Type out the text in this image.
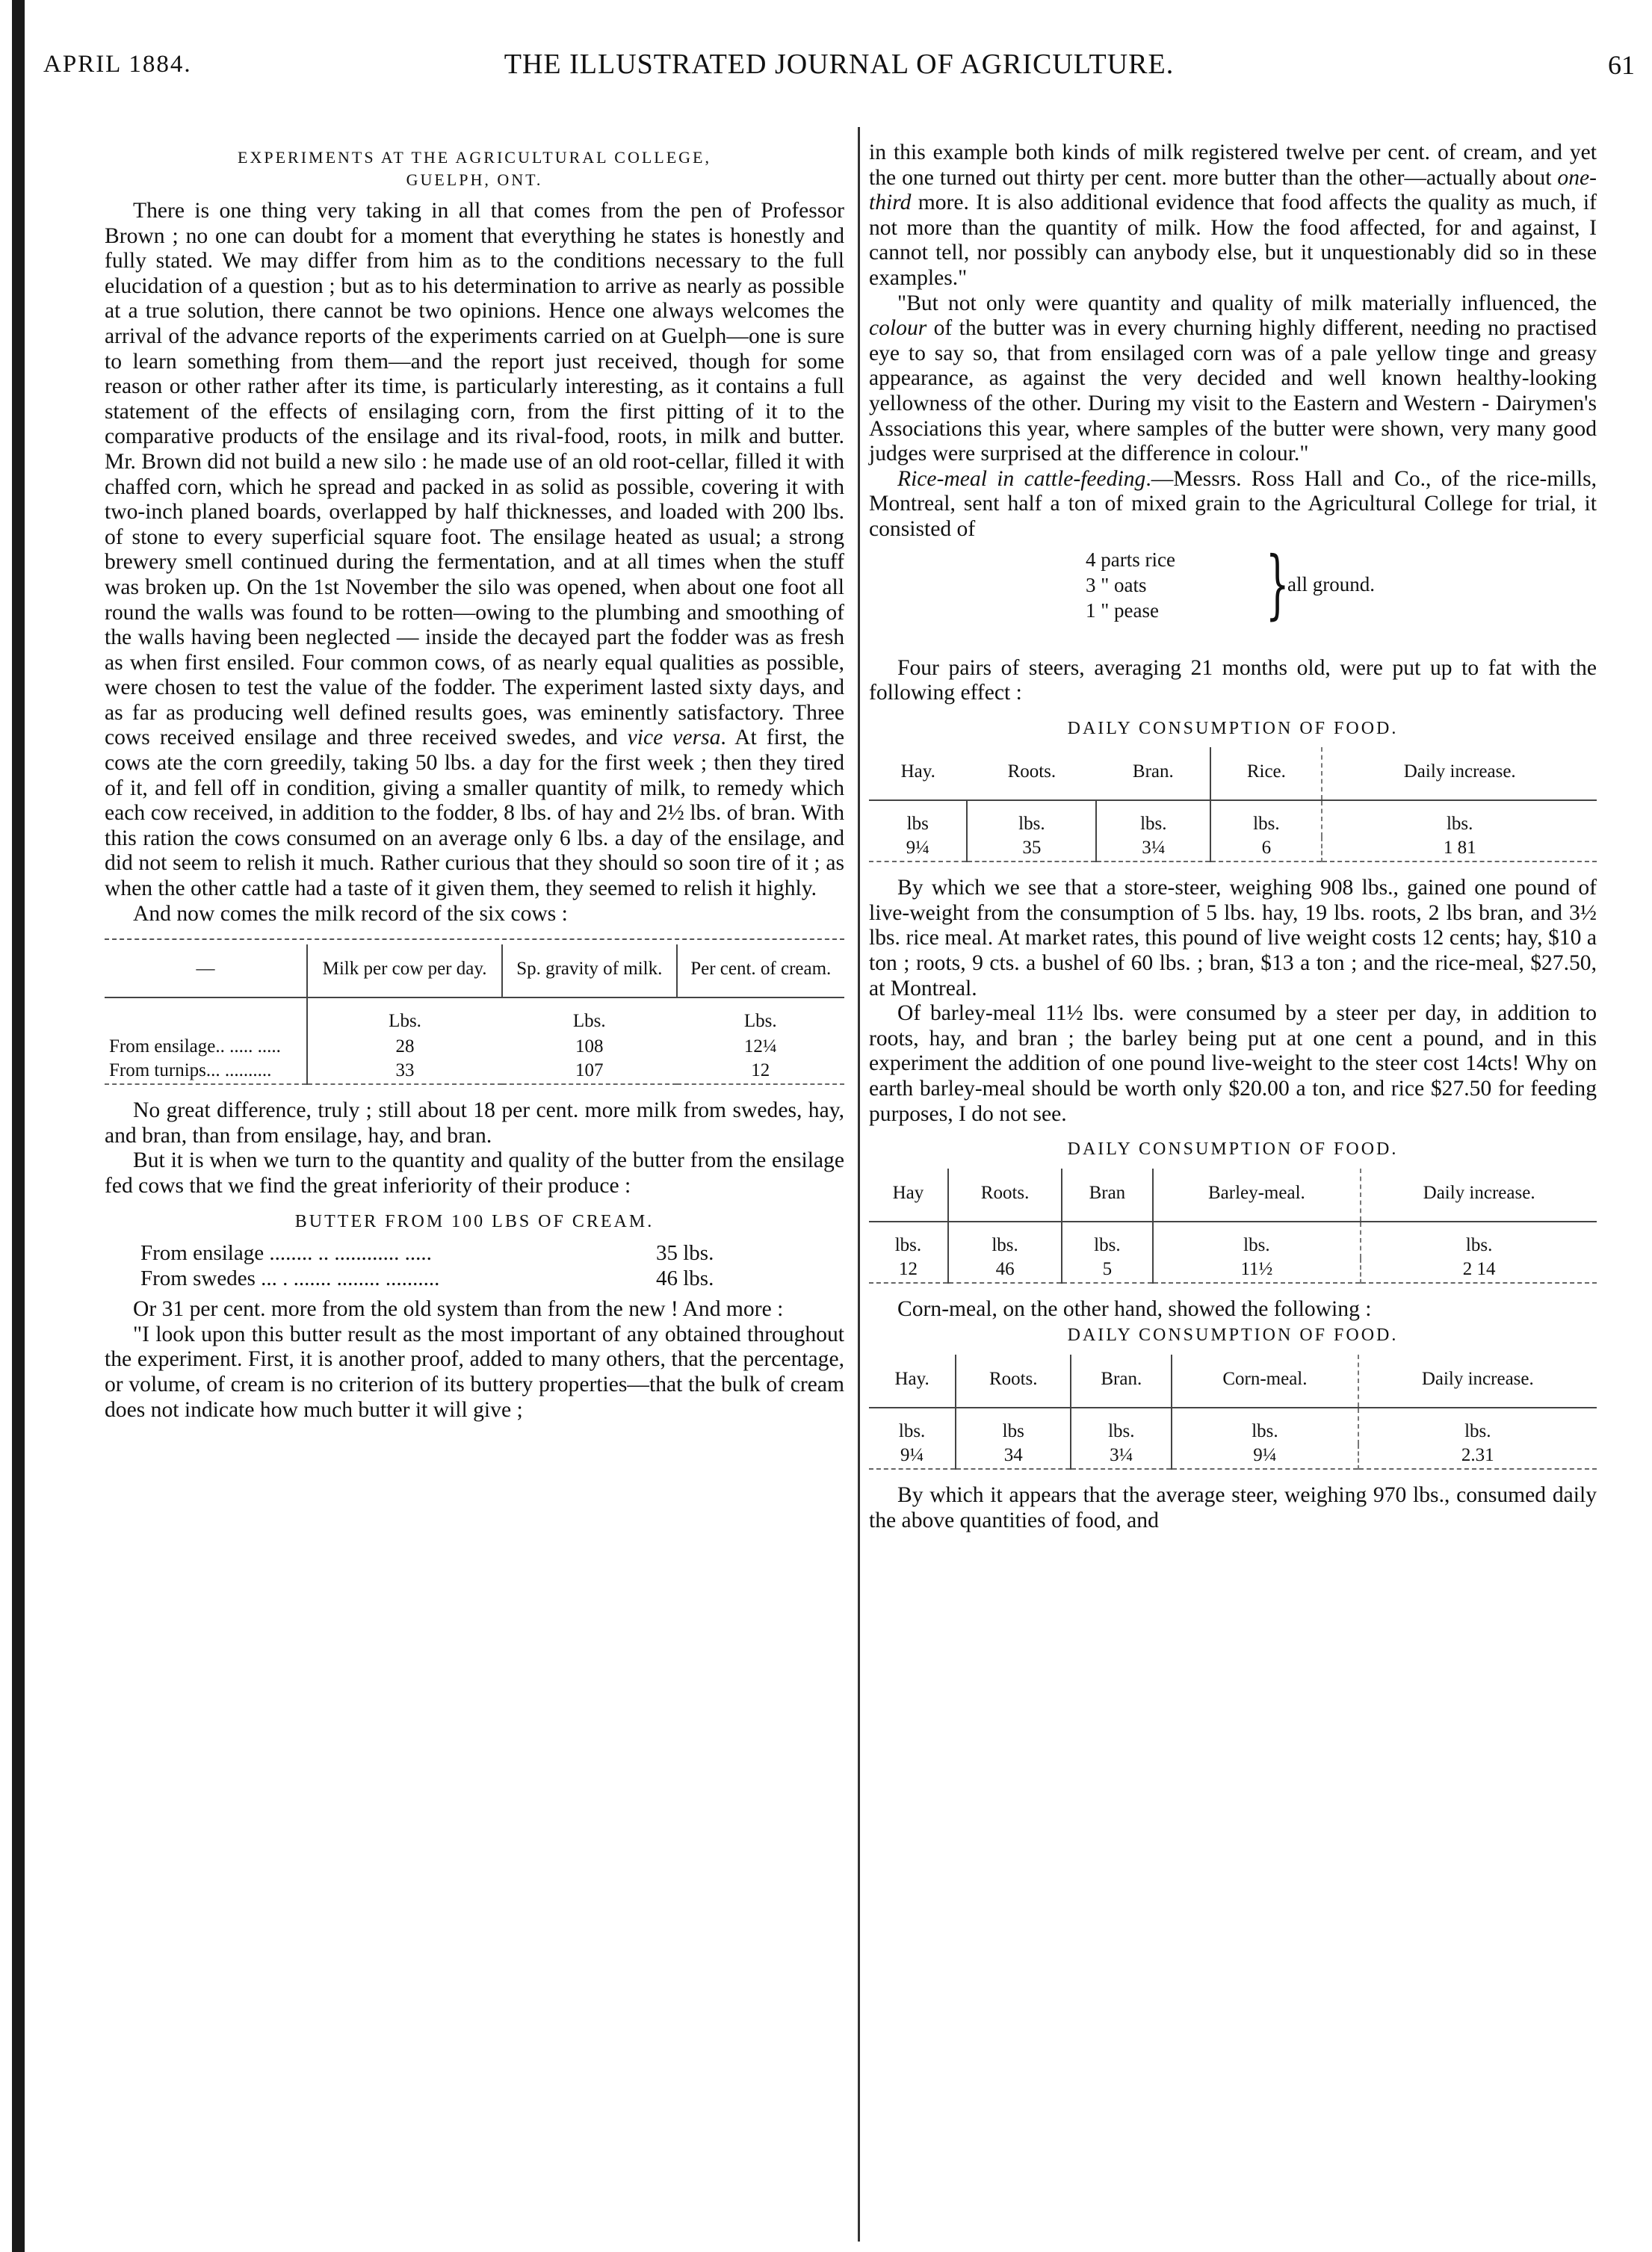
APRIL 1884.	THE ILLUSTRATED JOURNAL OF AGRICULTURE.	61
EXPERIMENTS AT THE AGRICULTURAL COLLEGE,
GUELPH, ONT.

There is one thing very taking in all that comes from the pen of Professor Brown ; no one can doubt for a moment that everything he states is honestly and fully stated. We may differ from him as to the conditions necessary to the full elucidation of a question ; but as to his determination to arrive as nearly as possible at a true solution, there cannot be two opinions. Hence one always welcomes the arrival of the advance reports of the experiments carried on at Guelph—one is sure to learn something from them—and the report just received, though for some reason or other rather after its time, is particularly interesting, as it contains a full statement of the effects of ensilaging corn, from the first pitting of it to the comparative products of the ensilage and its rival-food, roots, in milk and butter. Mr. Brown did not build a new silo : he made use of an old root-cellar, filled it with chaffed corn, which he spread and packed in as solid as possible, covering it with two-inch planed boards, overlapped by half thicknesses, and loaded with 200 lbs. of stone to every superficial square foot. The ensilage heated as usual; a strong brewery smell continued during the fermentation, and at all times when the stuff was broken up. On the 1st November the silo was opened, when about one foot all round the walls was found to be rotten—owing to the plumbing and smoothing of the walls having been neglected — inside the decayed part the fodder was as fresh as when first ensiled. Four common cows, of as nearly equal qualities as possible, were chosen to test the value of the fodder. The experiment lasted sixty days, and as far as producing well defined results goes, was eminently satisfactory. Three cows received ensilage and three received swedes, and vice versa. At first, the cows ate the corn greedily, taking 50 lbs. a day for the first week ; then they tired of it, and fell off in condition, giving a smaller quantity of milk, to remedy which each cow received, in addition to the fodder, 8 lbs. of hay and 2½ lbs. of bran. With this ration the cows consumed on an average only 6 lbs. a day of the ensilage, and did not seem to relish it much. Rather curious that they should so soon tire of it ; as when the other cattle had a taste of it given them, they seemed to relish it highly.

And now comes the milk record of the six cows :

—	Milk per cow per day.	Sp. gravity of milk.	Per cent. of cream.
	Lbs.	Lbs.	Lbs.
From ensilage.. ..... .....	28	108	12¼
From turnips... ..........	33	107	12

No great difference, truly ; still about 18 per cent. more milk from swedes, hay, and bran, than from ensilage, hay, and bran.

But it is when we turn to the quantity and quality of the butter from the ensilage fed cows that we find the great inferiority of their produce :

BUTTER FROM 100 LBS OF CREAM.
From ensilage ........ .. ............ .....	35 lbs.
From swedes ... . ....... ........ ..........	46 lbs.

Or 31 per cent. more from the old system than from the new ! And more :

"I look upon this butter result as the most important of any obtained throughout the experiment. First, it is another proof, added to many others, that the percentage, or volume, of cream is no criterion of its buttery properties—that the bulk of cream does not indicate how much butter it will give ;

in this example both kinds of milk registered twelve per cent. of cream, and yet the one turned out thirty per cent. more butter than the other—actually about one-third more. It is also additional evidence that food affects the quality as much, if not more than the quantity of milk. How the food affected, for and against, I cannot tell, nor possibly can anybody else, but it unquestionably did so in these examples."

"But not only were quantity and quality of milk materially influenced, the colour of the butter was in every churning highly different, needing no practised eye to say so, that from ensilaged corn was of a pale yellow tinge and greasy appearance, as against the very decided and well known healthy-looking yellowness of the other. During my visit to the Eastern and Western - Dairymen's Associations this year, where samples of the butter were shown, very many good judges were surprised at the difference in colour."

Rice-meal in cattle-feeding.—Messrs. Ross Hall and Co., of the rice-mills, Montreal, sent half a ton of mixed grain to the Agricultural College for trial, it consisted of

4 parts rice
3 " oats
1 " pease }
all ground.

Four pairs of steers, averaging 21 months old, were put up to fat with the following effect :

DAILY CONSUMPTION OF FOOD.
Hay.	Roots.	Bran.	Rice.	Daily increase.
lbs	lbs.	lbs.	lbs.	lbs.
9¼	35	3¼	6	1 81

By which we see that a store-steer, weighing 908 lbs., gained one pound of live-weight from the consumption of 5 lbs. hay, 19 lbs. roots, 2 lbs bran, and 3½ lbs. rice meal. At market rates, this pound of live weight costs 12 cents; hay, $10 a ton ; roots, 9 cts. a bushel of 60 lbs. ; bran, $13 a ton ; and the rice-meal, $27.50, at Montreal.

Of barley-meal 11½ lbs. were consumed by a steer per day, in addition to roots, hay, and bran ; the barley being put at one cent a pound, and in this experiment the addition of one pound live-weight to the steer cost 14cts! Why on earth barley-meal should be worth only $20.00 a ton, and rice $27.50 for feeding purposes, I do not see.

DAILY CONSUMPTION OF FOOD.
Hay	Roots.	Bran	Barley-meal.	Daily increase.
lbs.	lbs.	lbs.	lbs.	lbs.
12	46	5	11½	2 14

Corn-meal, on the other hand, showed the following :

DAILY CONSUMPTION OF FOOD.
Hay.	Roots.	Bran.	Corn-meal.	Daily increase.
lbs.	lbs	lbs.	lbs.	lbs.
9¼	34	3¼	9¼	2.31

By which it appears that the average steer, weighing 970 lbs., consumed daily the above quantities of food, and
